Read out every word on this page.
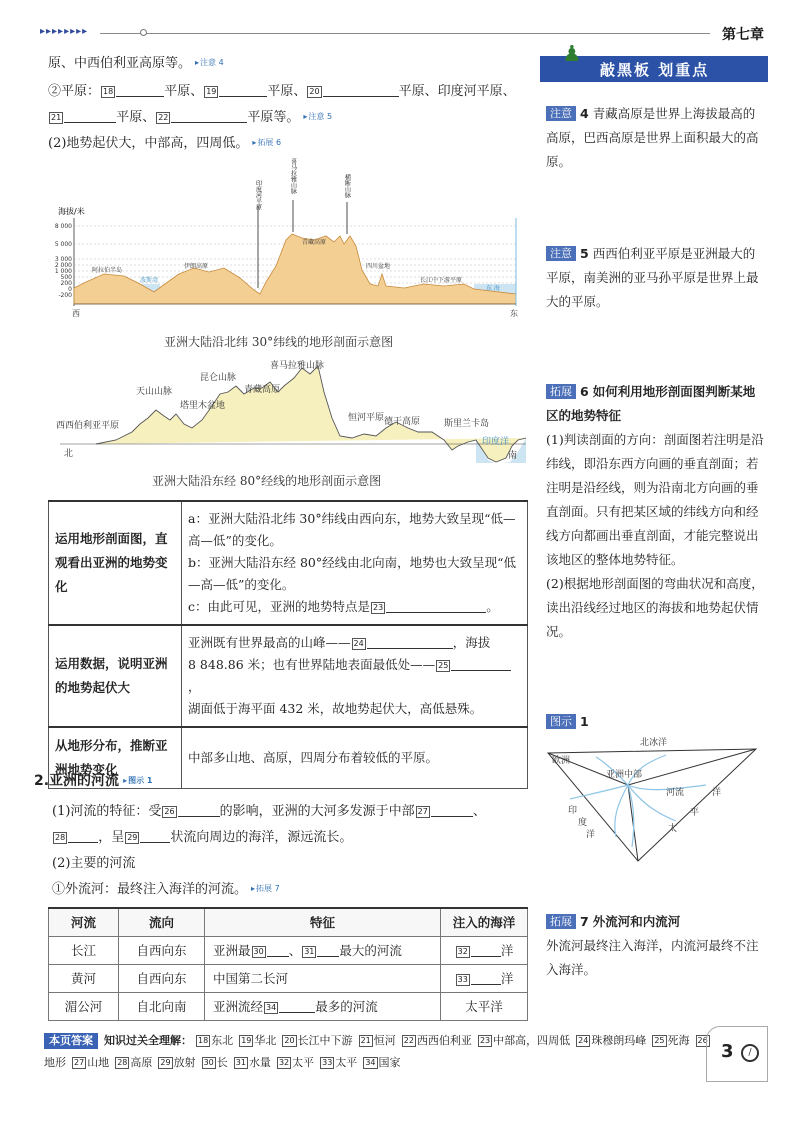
▸▸▸▸▸▸▸▸	第七章
原、中西伯利亚高原等。 ▸ 注意 4
②平原： 18	平原、 19	平原、 20	平原、印度河平原、
21	平原、 22	平原等。 ▸ 注意 5
(2)地势起伏大，中部高，四周低。 ▸ 拓展 6
海拔/米
8 000
5 000
3 000
2 000
1 000
500
200
0
-200
印度河平原
喜马拉雅山脉	横断山脉
阿拉伯半岛
波斯湾
伊朗高原
青藏高原
四川盆地
长江中下游平原
东 海
西	东
亚洲大陆沿北纬 30°纬线的地形剖面示意图
喜马拉雅山脉
昆仑山脉
天山山脉
塔里木盆地
青藏高原
西西伯利亚平原
恒河平原 德干高原	斯里兰卡岛
印度洋
北	南
亚洲大陆沿东经 80°经线的地形剖面示意图
运用地形剖面图，直观看出亚洲的地势变化	a：亚洲大陆沿北纬 30°纬线由西向东，地势大致呈现“低—高—低”的变化。
b：亚洲大陆沿东经 80°经线由北向南，地势也大致呈现“低—高—低”的变化。
c：由此可见，亚洲的地势特点是 23 。

运用数据，说明亚洲的地势起伏大	亚洲既有世界最高的山峰—— 24 ，海拔
8 848.86 米；也有世界陆地表面最低处—— 25，
湖面低于海平面 432 米，故地势起伏大，高低悬殊。

从地形分布，推断亚洲地势变化	中部多山地、高原，四周分布着较低的平原。
2.亚洲的河流 ▸ 图示 1
(1)河流的特征：受 26	的影响，亚洲的大河多发源于中部 27	、
28	，呈 29	状流向周边的海洋，源远流长。
(2)主要的河流
①外流河：最终注入海洋的河流。 ▸ 拓展 7
河流	流向	特征	注入的海洋
长江	自西向东	亚洲最 30 、 31 最大的河流	32 洋
黄河	自西向东	中国第二长河	33 洋
湄公河	自北向南	亚洲流经 34 最多的河流	太平洋
本页答案 知识过关全理解： 18 东北 19 华北 20 长江中下游 21 恒河 22 西西伯利亚 23 中部高，四周低 24 珠穆朗玛峰 25 死海 26地形 27 山地 28 高原 29 放射 30 长 31 水量 32 太平 33 太平 34 国家
3	/
♟
敲黑板 划重点
注意 4 青藏高原是世界上海拔最高的高原，巴西高原是世界上面积最大的高原。
注意 5 西西伯利亚平原是亚洲最大的平原，南美洲的亚马孙平原是世界上最大的平原。
拓展 6 如何利用地形剖面图判断某地区的地势特征
(1)判读剖面的方向：剖面图若注明是沿纬线，即沿东西方向画的垂直剖面；若注明是沿经线，则为沿南北方向画的垂直剖面。只有把某区域的纬线方向和经线方向都画出垂直剖面，才能完整说出该地区的整体地势特征。
(2)根据地形剖面图的弯曲状况和高度，读出沿线经过地区的海拔和地势起伏情况。
图示 1
北冰洋
欧洲
亚洲中部
河流	洋
平
太
印
度
洋
拓展 7 外流河和内流河
外流河最终注入海洋，内流河最终不注入海洋。
